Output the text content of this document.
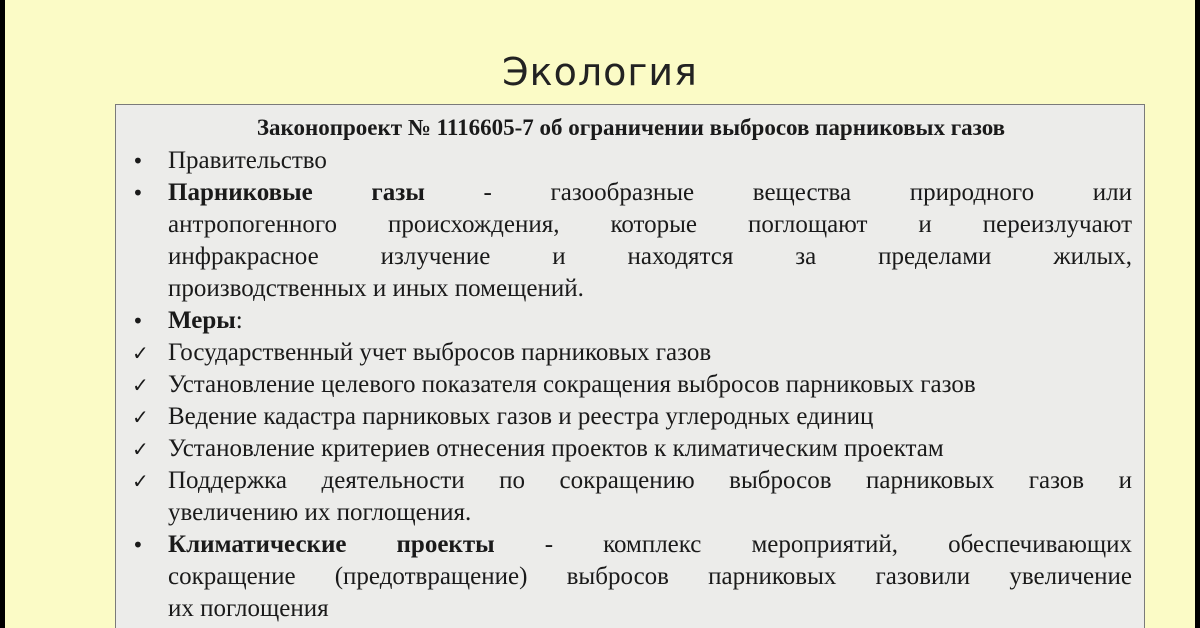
Экология
Законопроект № 1116605-7 об ограничении выбросов парниковых газов
• Правительство
• Парниковые газы - газообразные вещества природного или
антропогенного происхождения, которые поглощают и переизлучают
инфракрасное излучение и находятся за пределами жилых,
производственных и иных помещений.
• Меры:
✓ Государственный учет выбросов парниковых газов
✓ Установление целевого показателя сокращения выбросов парниковых газов
✓ Ведение кадастра парниковых газов и реестра углеродных единиц
✓ Установление критериев отнесения проектов к климатическим проектам
✓ Поддержка деятельности по сокращению выбросов парниковых газов и
увеличению их поглощения.
• Климатические проекты - комплекс мероприятий, обеспечивающих
сокращение (предотвращение) выбросов парниковых газовили увеличение
их поглощения
